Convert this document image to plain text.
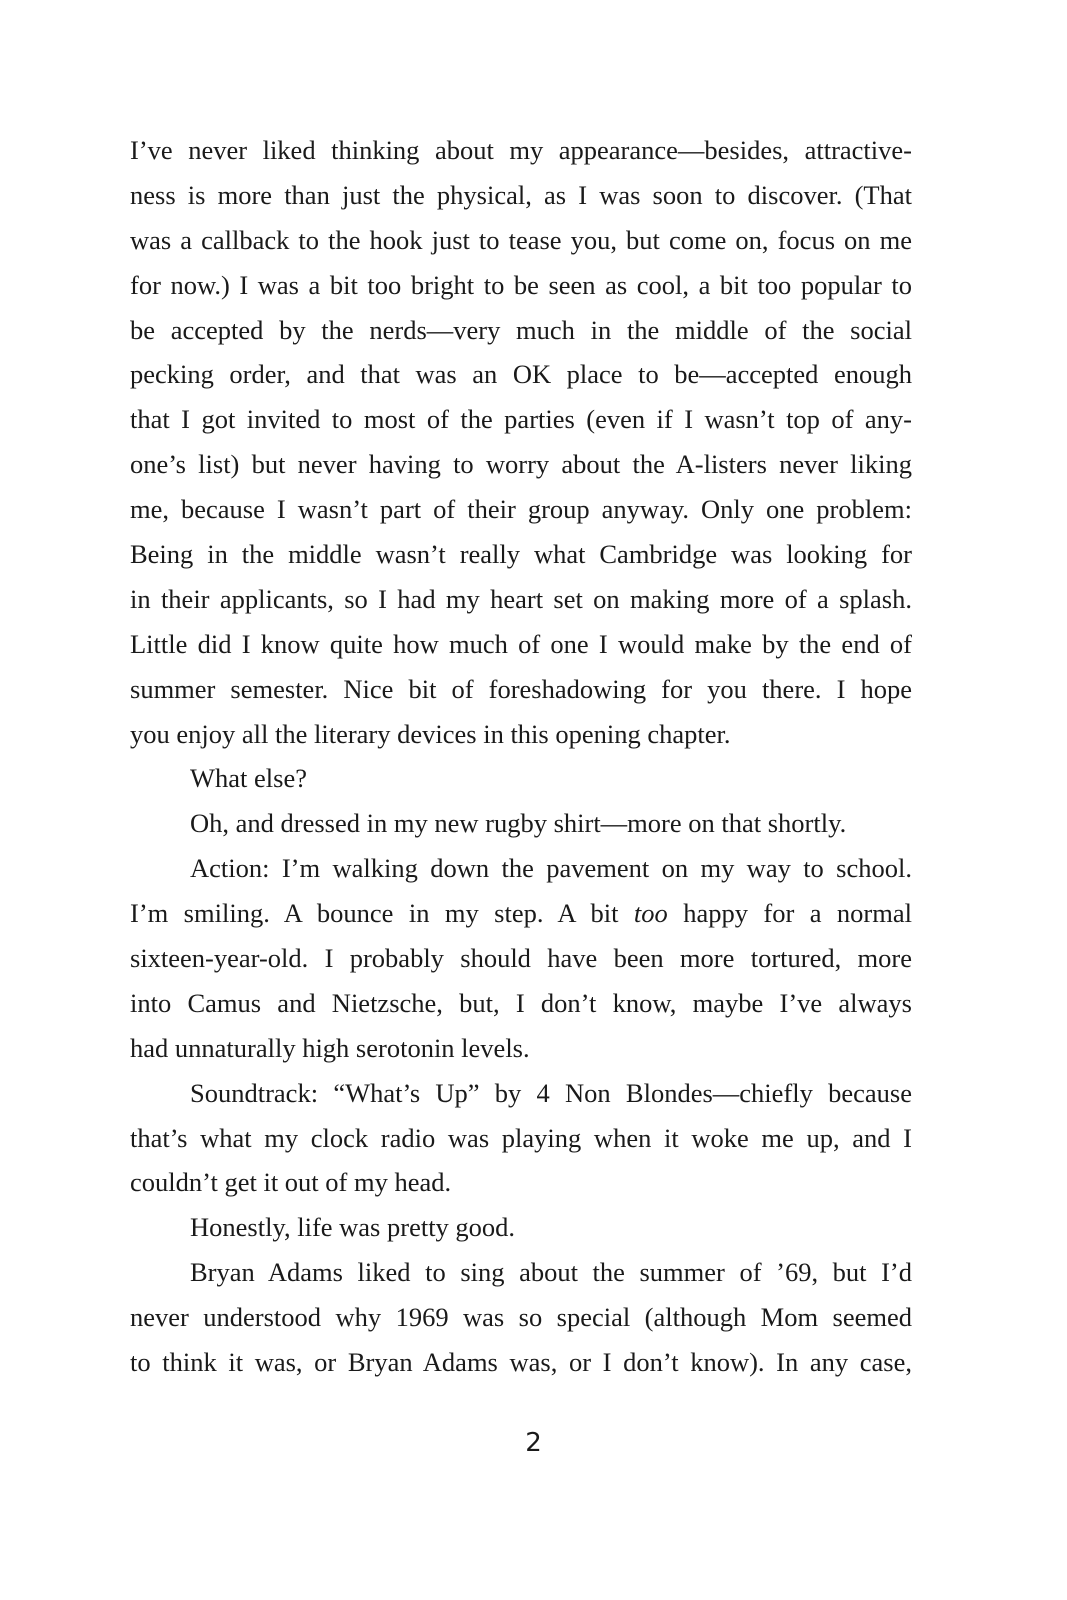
I’ve never liked thinking about my appearance—besides, attractive-
ness is more than just the physical, as I was soon to discover. (That
was a callback to the hook just to tease you, but come on, focus on me
for now.) I was a bit too bright to be seen as cool, a bit too popular to
be accepted by the nerds—very much in the middle of the social
pecking order, and that was an OK place to be—accepted enough
that I got invited to most of the parties (even if I wasn’t top of any-
one’s list) but never having to worry about the A-listers never liking
me, because I wasn’t part of their group anyway. Only one problem:
Being in the middle wasn’t really what Cambridge was looking for
in their applicants, so I had my heart set on making more of a splash.
Little did I know quite how much of one I would make by the end of
summer semester. Nice bit of foreshadowing for you there. I hope
you enjoy all the literary devices in this opening chapter.
What else?
Oh, and dressed in my new rugby shirt—more on that shortly.
Action: I’m walking down the pavement on my way to school.
I’m smiling. A bounce in my step. A bit too happy for a normal
sixteen-year-old. I probably should have been more tortured, more
into Camus and Nietzsche, but, I don’t know, maybe I’ve always
had unnaturally high serotonin levels.
Soundtrack: “What’s Up” by 4 Non Blondes—chiefly because
that’s what my clock radio was playing when it woke me up, and I
couldn’t get it out of my head.
Honestly, life was pretty good.
Bryan Adams liked to sing about the summer of ’69, but I’d
never understood why 1969 was so special (although Mom seemed
to think it was, or Bryan Adams was, or I don’t know). In any case,
2
